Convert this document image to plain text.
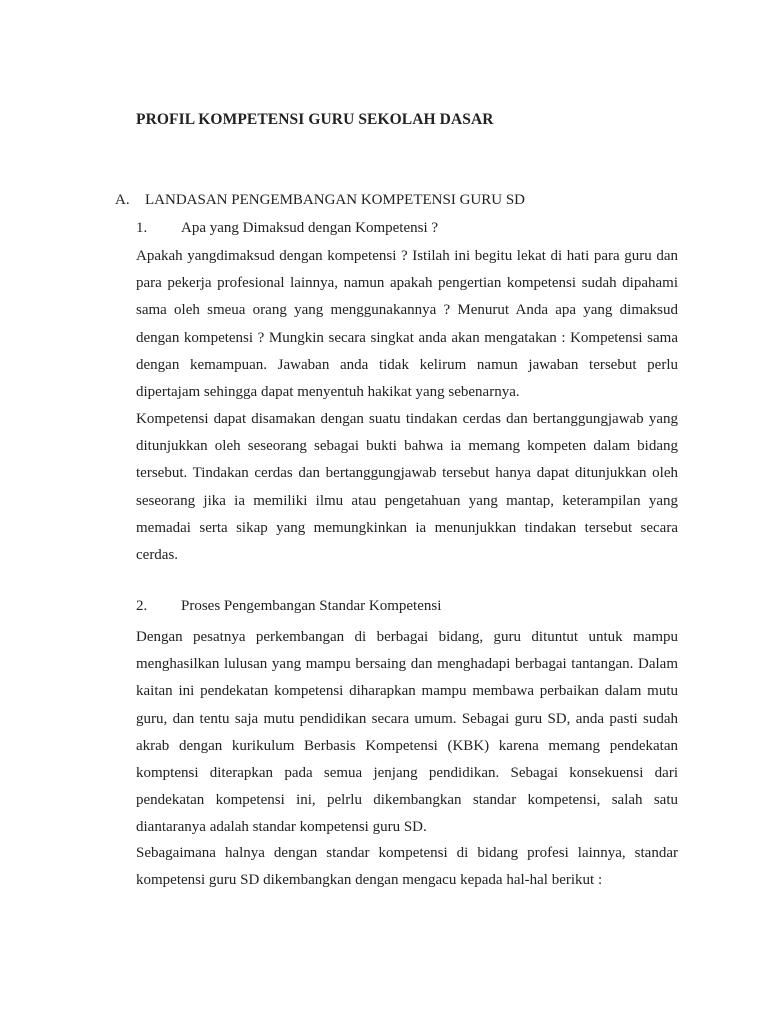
PROFIL KOMPETENSI GURU SEKOLAH DASAR
A. LANDASAN PENGEMBANGAN KOMPETENSI GURU SD
1. Apa yang Dimaksud dengan Kompetensi ?

Apakah yangdimaksud dengan kompetensi ? Istilah ini begitu lekat di hati para guru dan para pekerja profesional lainnya, namun apakah pengertian kompetensi sudah dipahami sama oleh smeua orang yang menggunakannya ? Menurut Anda apa yang dimaksud dengan kompetensi ? Mungkin secara singkat anda akan mengatakan : Kompetensi sama dengan kemampuan. Jawaban anda tidak kelirum namun jawaban tersebut perlu dipertajam sehingga dapat menyentuh hakikat yang sebenarnya.

Kompetensi dapat disamakan dengan suatu tindakan cerdas dan bertanggungjawab yang ditunjukkan oleh seseorang sebagai bukti bahwa ia memang kompeten dalam bidang tersebut. Tindakan cerdas dan bertanggungjawab tersebut hanya dapat ditunjukkan oleh seseorang jika ia memiliki ilmu atau pengetahuan yang mantap, keterampilan yang memadai serta sikap yang memungkinkan ia menunjukkan tindakan tersebut secara cerdas.

2. Proses Pengembangan Standar Kompetensi

Dengan pesatnya perkembangan di berbagai bidang, guru dituntut untuk mampu menghasilkan lulusan yang mampu bersaing dan menghadapi berbagai tantangan. Dalam kaitan ini pendekatan kompetensi diharapkan mampu membawa perbaikan dalam mutu guru, dan tentu saja mutu pendidikan secara umum. Sebagai guru SD, anda pasti sudah akrab dengan kurikulum Berbasis Kompetensi (KBK) karena memang pendekatan komptensi diterapkan pada semua jenjang pendidikan. Sebagai konsekuensi dari pendekatan kompetensi ini, pelrlu dikembangkan standar kompetensi, salah satu diantaranya adalah standar kompetensi guru SD.

Sebagaimana halnya dengan standar kompetensi di bidang profesi lainnya, standar kompetensi guru SD dikembangkan dengan mengacu kepada hal-hal berikut :
